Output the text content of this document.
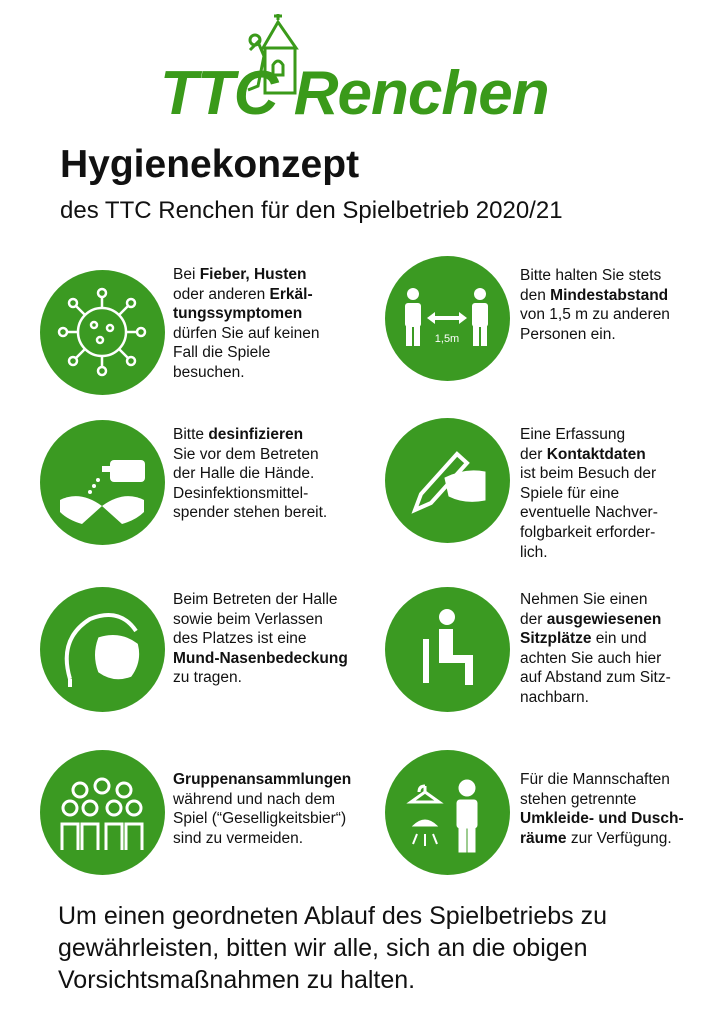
TTC Renchen
Hygienekonzept

des TTC Renchen für den Spielbetrieb 2020/21

Bei Fieber, Husten
oder anderen Erkäl-
tungssymptomen
dürfen Sie auf keinen
Fall die Spiele
besuchen.
1,5m
Bitte halten Sie stets
den Mindestabstand
von 1,5 m zu anderen
Personen ein.
Bitte desinfizieren
Sie vor dem Betreten
der Halle die Hände.
Desinfektionsmittel-
spender stehen bereit.
Eine Erfassung
der Kontaktdaten
ist beim Besuch der
Spiele für eine
eventuelle Nachver-
folgbarkeit erforder-
lich.
Beim Betreten der Halle
sowie beim Verlassen
des Platzes ist eine
Mund-Nasenbedeckung
zu tragen.
Nehmen Sie einen
der ausgewiesenen
Sitzplätze ein und
achten Sie auch hier
auf Abstand zum Sitz-
nachbarn.
Gruppenansammlungen
während und nach dem
Spiel (“Geselligkeitsbier“)
sind zu vermeiden.
Für die Mannschaften
stehen getrennte
Umkleide- und Dusch-
räume zur Verfügung.

Um einen geordneten Ablauf des Spielbetriebs zu gewährleisten, bitten wir alle, sich an die obigen Vorsichtsmaßnahmen zu halten.
